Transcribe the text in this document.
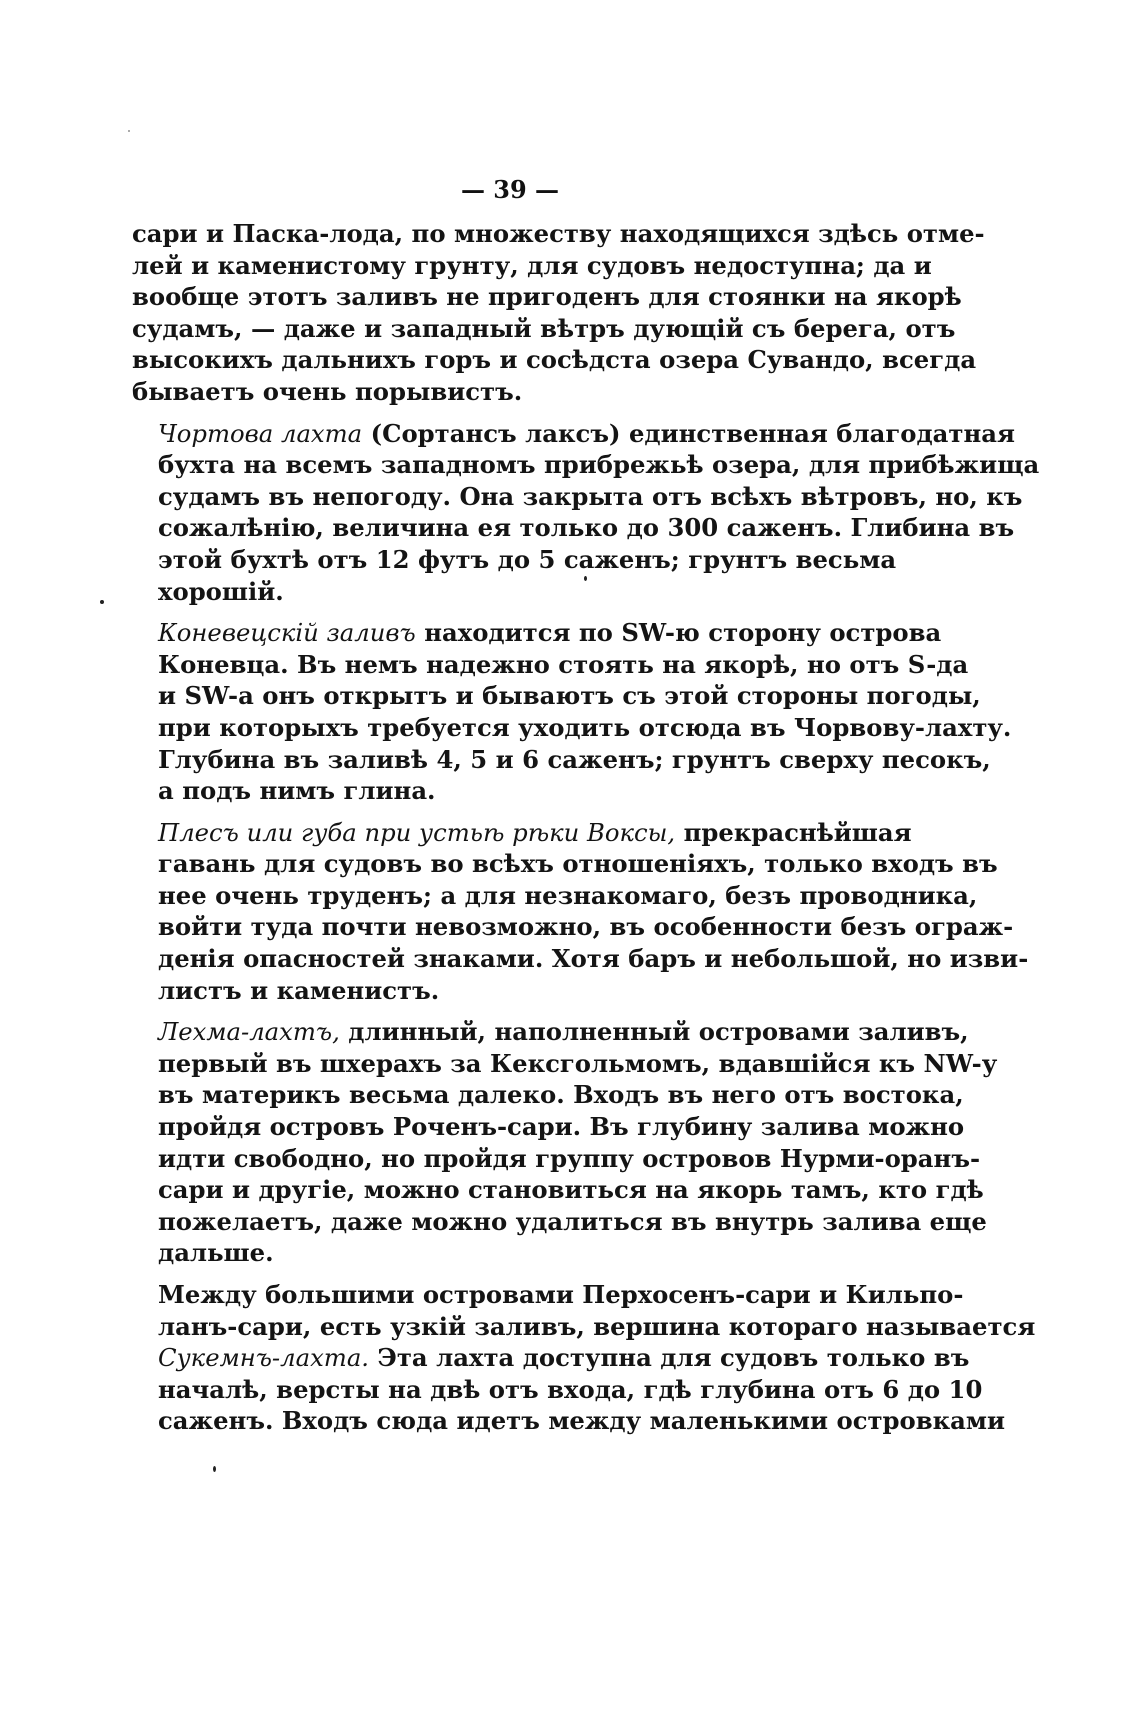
— 39 —
сари и Паска-лода, по множеству находящихся здѣсь отме-
лей и каменистому грунту, для судовъ недоступна; да и
вообще этотъ заливъ не пригоденъ для стоянки на якорѣ
судамъ, — даже и западный вѣтръ дующій съ берега, отъ
высокихъ дальнихъ горъ и сосѣдста озера Сувандо, всегда
бываетъ очень порывистъ.
Чортова лахта (Сортансъ лаксъ) единственная благодатная
бухта на всемъ западномъ прибрежьѣ озера, для прибѣжища
судамъ въ непогоду. Она закрыта отъ всѣхъ вѣтровъ, но, къ
сожалѣнію, величина ея только до 300 саженъ. Глибина въ
этой бухтѣ отъ 12 футъ до 5 саженъ; грунтъ весьма
хорошій.
Коневецскій заливъ находится по SW-ю сторону острова
Коневца. Въ немъ надежно стоять на якорѣ, но отъ S-да
и SW-а онъ открытъ и бываютъ съ этой стороны погоды,
при которыхъ требуется уходить отсюда въ Чорвову-лахту.
Глубина въ заливѣ 4, 5 и 6 саженъ; грунтъ сверху песокъ,
а подъ нимъ глина.
Плесъ или губа при устьѣ рѣки Воксы, прекраснѣйшая
гавань для судовъ во всѣхъ отношеніяхъ, только входъ въ
нее очень труденъ; а для незнакомаго, безъ проводника,
войти туда почти невозможно, въ особенности безъ ограж-
денія опасностей знаками. Хотя баръ и небольшой, но изви-
листъ и каменистъ.
Лехма-лахтъ, длинный, наполненный островами заливъ,
первый въ шхерахъ за Кексгольмомъ, вдавшійся къ NW-у
въ материкъ весьма далеко. Входъ въ него отъ востока,
пройдя островъ Роченъ-сари. Въ глубину залива можно
идти свободно, но пройдя группу островов Нурми-оранъ-
сари и другіе, можно становиться на якорь тамъ, кто гдѣ
пожелаетъ, даже можно удалиться въ внутрь залива еще
дальше.
Между большими островами Перхосенъ-сари и Кильпо-
ланъ-сари, есть узкій заливъ, вершина котораго называется
Сукемнъ-лахта. Эта лахта доступна для судовъ только въ
началѣ, версты на двѣ отъ входа, гдѣ глубина отъ 6 до 10
саженъ. Входъ сюда идетъ между маленькими островками
